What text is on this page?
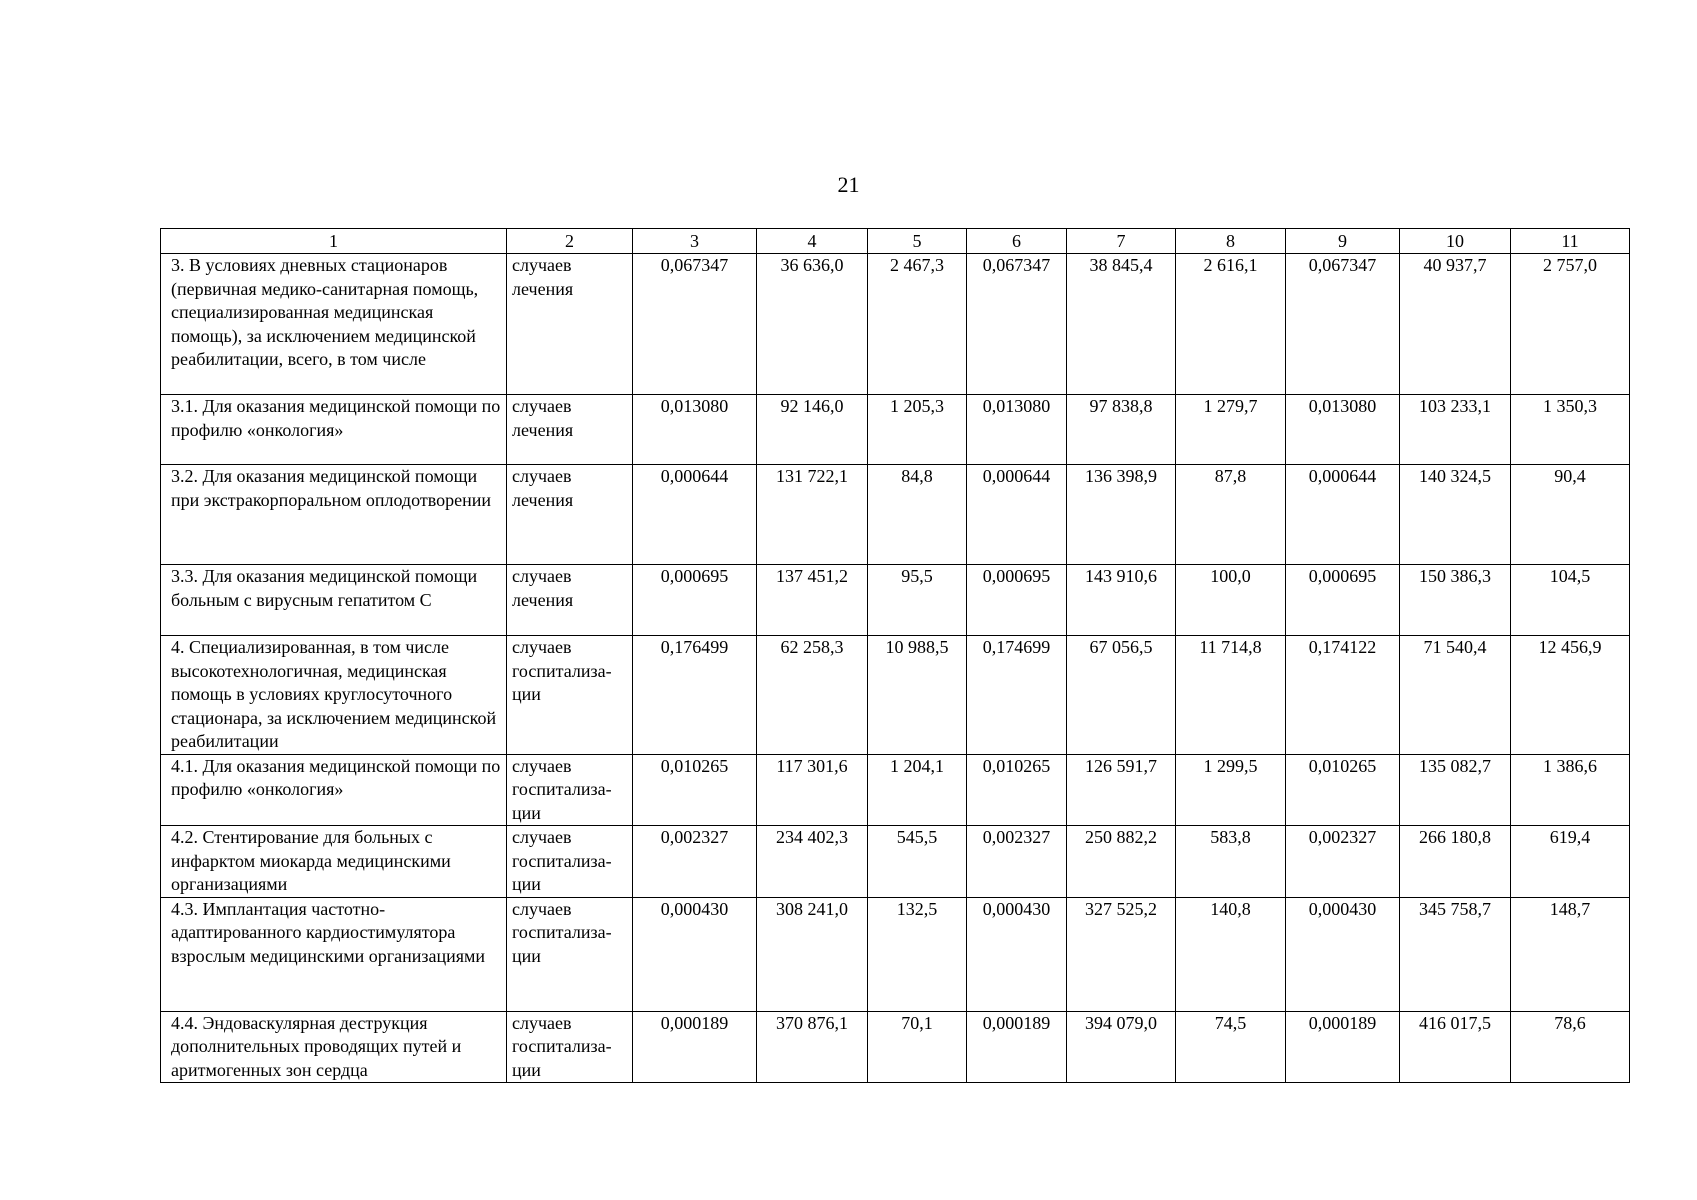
21
1	2	3	4	5	6	7	8	9	10	11
3. В условиях дневных стационаров (первичная медико-санитарная помощь, специализированная медицинская помощь), за исключением медицинской реабилитации, всего, в том числе	случаев лечения	0,067347	36 636,0	2 467,3	0,067347	38 845,4	2 616,1	0,067347	40 937,7	2 757,0
3.1. Для оказания медицинской помощи по профилю «онкология»	случаев лечения	0,013080	92 146,0	1 205,3	0,013080	97 838,8	1 279,7	0,013080	103 233,1	1 350,3
3.2. Для оказания медицинской помощи при экстракорпоральном оплодотворении	случаев лечения	0,000644	131 722,1	84,8	0,000644	136 398,9	87,8	0,000644	140 324,5	90,4
3.3. Для оказания медицинской помощи больным с вирусным гепатитом С	случаев лечения	0,000695	137 451,2	95,5	0,000695	143 910,6	100,0	0,000695	150 386,3	104,5
4. Специализированная, в том числе высокотехнологичная, медицинская помощь в условиях круглосуточного стационара, за исключением медицинской реабилитации	случаев госпитализа-ции	0,176499	62 258,3	10 988,5	0,174699	67 056,5	11 714,8	0,174122	71 540,4	12 456,9
4.1. Для оказания медицинской помощи по профилю «онкология»	случаев госпитализа-ции	0,010265	117 301,6	1 204,1	0,010265	126 591,7	1 299,5	0,010265	135 082,7	1 386,6
4.2. Стентирование для больных с инфарктом миокарда медицинскими организациями	случаев госпитализа-ции	0,002327	234 402,3	545,5	0,002327	250 882,2	583,8	0,002327	266 180,8	619,4
4.3. Имплантация частотно-адаптированного кардиостимулятора взрослым медицинскими организациями	случаев госпитализа-ции	0,000430	308 241,0	132,5	0,000430	327 525,2	140,8	0,000430	345 758,7	148,7
4.4. Эндоваскулярная деструкция дополнительных проводящих путей и аритмогенных зон сердца	случаев госпитализа-ции	0,000189	370 876,1	70,1	0,000189	394 079,0	74,5	0,000189	416 017,5	78,6
